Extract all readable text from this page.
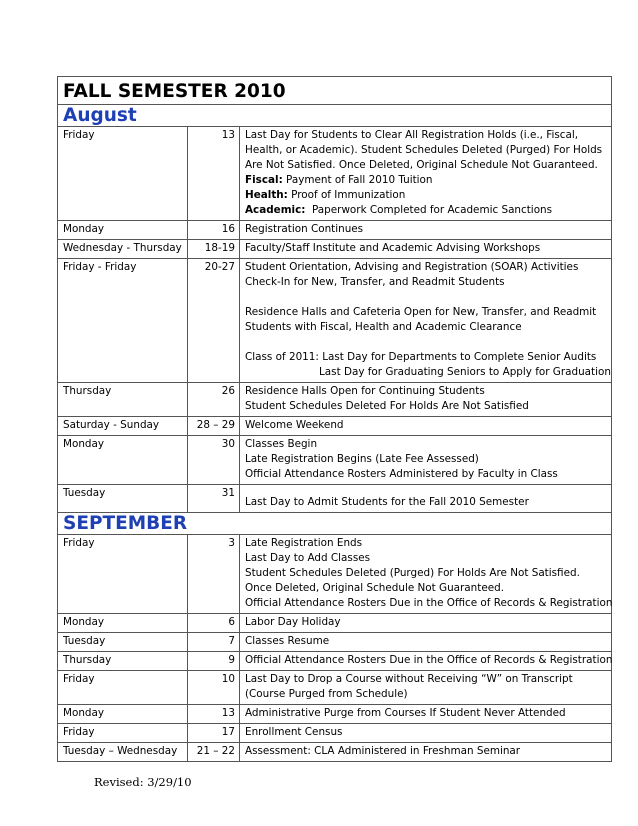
FALL SEMESTER 2010		
August		
Friday	13	Last Day for Students to Clear All Registration Holds (i.e., Fiscal, Health, or Academic). Student Schedules Deleted (Purged) For Holds Are Not Satisfied. Once Deleted, Original Schedule Not Guaranteed.
Fiscal: Payment of Fall 2010 Tuition
Health: Proof of Immunization
Academic:  Paperwork Completed for Academic Sanctions

Monday	16	Registration Continues

Wednesday - Thursday	18-19	Faculty/Staff Institute and Academic Advising Workshops

Friday - Friday	20-27	Student Orientation, Advising and Registration (SOAR) Activities
Check-In for New, Transfer, and Readmit Students
Residence Halls and Cafeteria Open for New, Transfer, and Readmit Students with Fiscal, Health and Academic Clearance
Class of 2011: Last Day for Departments to Complete Senior Audits
Last Day for Graduating Seniors to Apply for Graduation

Thursday	26	Residence Halls Open for Continuing Students
Student Schedules Deleted For Holds Are Not Satisfied

Saturday - Sunday	28 – 29	Welcome Weekend

Monday	30	Classes Begin
Late Registration Begins (Late Fee Assessed)
Official Attendance Rosters Administered by Faculty in Class

Tuesday	31	Last Day to Admit Students for the Fall 2010 Semester

SEPTEMBER		
Friday	3	Late Registration Ends
Last Day to Add Classes
Student Schedules Deleted (Purged) For Holds Are Not Satisfied. Once Deleted, Original Schedule Not Guaranteed.
Official Attendance Rosters Due in the Office of Records & Registration

Monday	6	Labor Day Holiday

Tuesday	7	Classes Resume

Thursday	9	Official Attendance Rosters Due in the Office of Records & Registration

Friday	10	Last Day to Drop a Course without Receiving “W” on Transcript
(Course Purged from Schedule)

Monday	13	Administrative Purge from Courses If Student Never Attended

Friday	17	Enrollment Census

Tuesday – Wednesday	21 – 22	Assessment: CLA Administered in Freshman Seminar
Revised: 3/29/10
